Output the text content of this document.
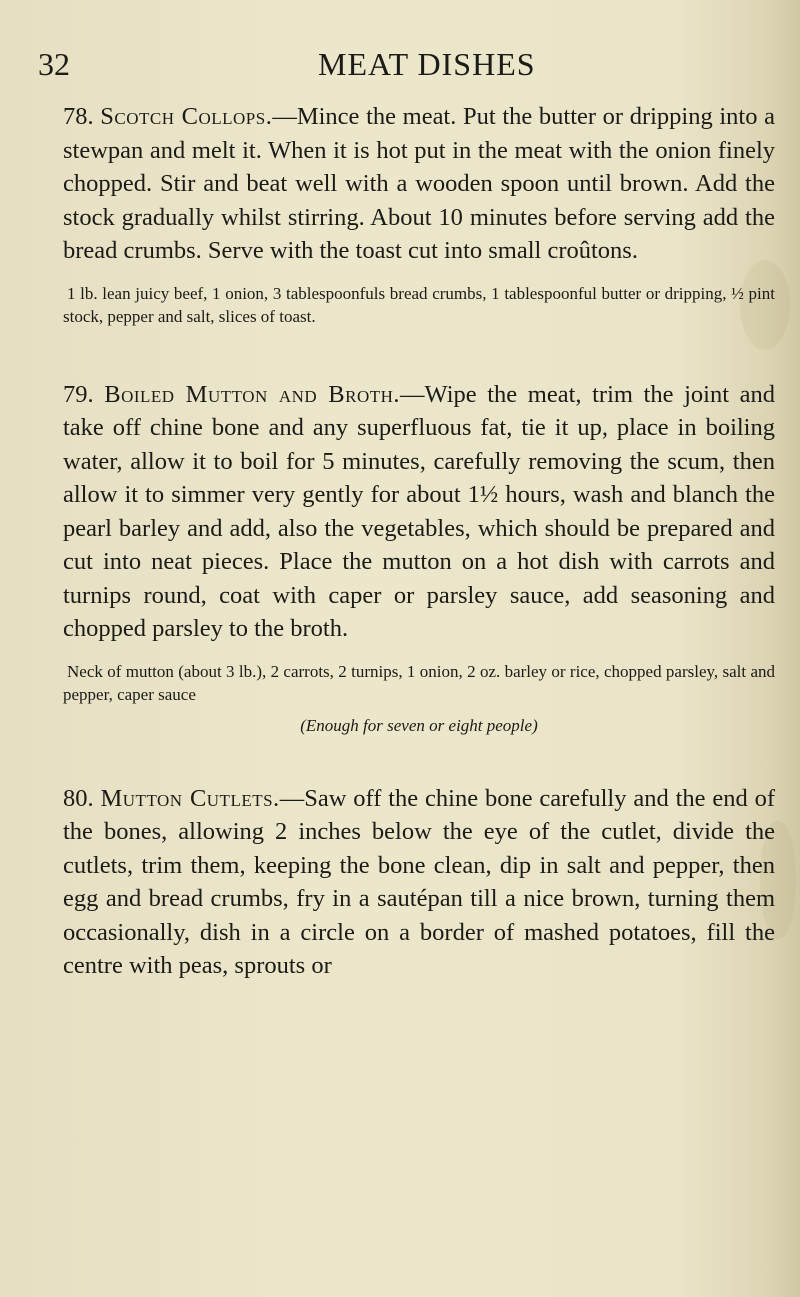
32	MEAT DISHES

78. Scotch Collops.—Mince the meat. Put the butter or dripping into a stewpan and melt it. When it is hot put in the meat with the onion finely chopped. Stir and beat well with a wooden spoon until brown. Add the stock gradually whilst stirring. About 10 minutes before serving add the bread crumbs. Serve with the toast cut into small croûtons.

1 lb. lean juicy beef, 1 onion, 3 tablespoonfuls bread crumbs, 1 tablespoonful butter or dripping, ½ pint stock, pepper and salt, slices of toast.

79. Boiled Mutton and Broth.—Wipe the meat, trim the joint and take off chine bone and any superfluous fat, tie it up, place in boiling water, allow it to boil for 5 minutes, carefully removing the scum, then allow it to simmer very gently for about 1½ hours, wash and blanch the pearl barley and add, also the vegetables, which should be prepared and cut into neat pieces. Place the mutton on a hot dish with carrots and turnips round, coat with caper or parsley sauce, add seasoning and chopped parsley to the broth.

Neck of mutton (about 3 lb.), 2 carrots, 2 turnips, 1 onion, 2 oz. barley or rice, chopped parsley, salt and pepper, caper sauce

(Enough for seven or eight people)

80. Mutton Cutlets.—Saw off the chine bone carefully and the end of the bones, allowing 2 inches below the eye of the cutlet, divide the cutlets, trim them, keeping the bone clean, dip in salt and pepper, then egg and bread crumbs, fry in a sautépan till a nice brown, turning them occasionally, dish in a circle on a border of mashed potatoes, fill the centre with peas, sprouts or
